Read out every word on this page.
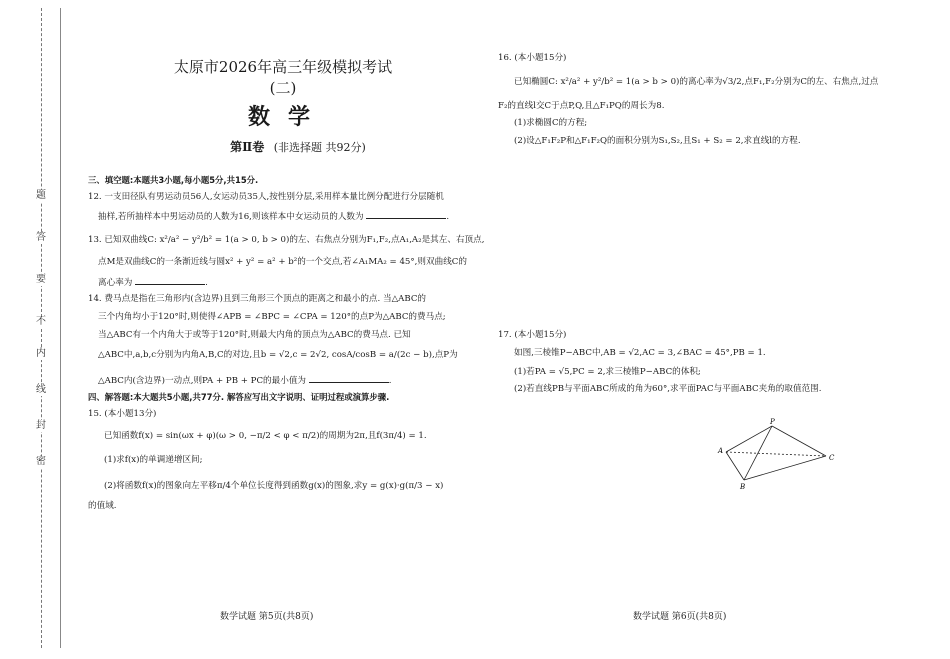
题
答
要
不
内
线
封
密
太原市2026年高三年级模拟考试(二)
数学
第Ⅱ卷 (非选择题 共92分)
三、填空题:本题共3小题,每小题5分,共15分.
12. 一支田径队有男运动员56人,女运动员35人,按性别分层,采用样本量比例分配进行分层随机
抽样,若所抽样本中男运动员的人数为16,则该样本中女运动员的人数为	.
13. 已知双曲线C: x²/a² − y²/b² = 1(a > 0, b > 0)的左、右焦点分别为F₁,F₂,点A₁,A₂是其左、右顶点,
点M是双曲线C的一条渐近线与圆x² + y² = a² + b²的一个交点,若∠A₁MA₂ = 45°,则双曲线C的
离心率为	.
14. 费马点是指在三角形内(含边界)且到三角形三个顶点的距离之和最小的点. 当△ABC的
三个内角均小于120°时,则使得∠APB = ∠BPC = ∠CPA = 120°的点P为△ABC的费马点;
当△ABC有一个内角大于或等于120°时,则最大内角的顶点为△ABC的费马点. 已知
△ABC中,a,b,c分别为内角A,B,C的对边,且b = √2,c = 2√2, cosA/cosB = a/(2c − b),点P为
△ABC内(含边界)一动点,则PA + PB + PC的最小值为	.
四、解答题:本大题共5小题,共77分. 解答应写出文字说明、证明过程或演算步骤.
15. (本小题13分)
已知函数f(x) = sin(ωx + φ)(ω > 0, −π/2 < φ < π/2)的周期为2π,且f(3π/4) = 1.
(1)求f(x)的单调递增区间;
(2)将函数f(x)的图象向左平移π/4个单位长度得到函数g(x)的图象,求y = g(x)·g(π/3 − x)
的值域.
数学试题 第5页(共8页)
16. (本小题15分)
已知椭圆C: x²/a² + y²/b² = 1(a > b > 0)的离心率为√3/2,点F₁,F₂分别为C的左、右焦点,过点
F₂的直线l交C于点P,Q,且△F₁PQ的周长为8.
(1)求椭圆C的方程;
(2)设△F₁F₂P和△F₁F₂Q的面积分别为S₁,S₂,且S₁ + S₂ = 2,求直线l的方程.
17. (本小题15分)
如图,三棱锥P−ABC中,AB = √2,AC = 3,∠BAC = 45°,PB = 1.
(1)若PA = √5,PC = 2,求三棱锥P−ABC的体积;
(2)若直线PB与平面ABC所成的角为60°,求平面PAC与平面ABC夹角的取值范围.
数学试题 第6页(共8页)
P
A
B
C
